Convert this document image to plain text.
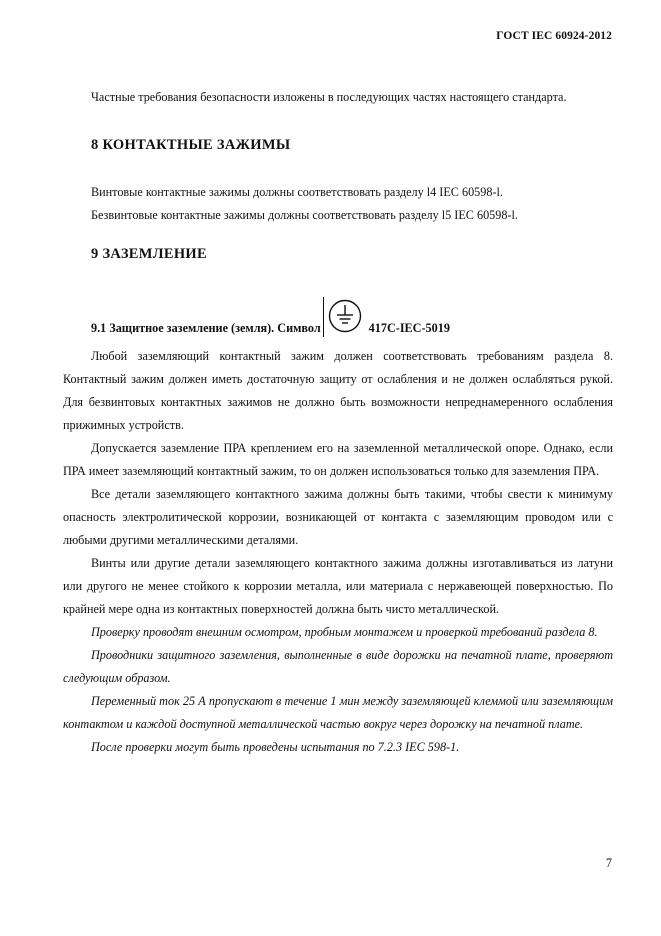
ГОСТ IEC 60924-2012

Частные требования безопасности изложены в последующих частях настоящего стандарта.

8 КОНТАКТНЫЕ ЗАЖИМЫ

Винтовые контактные зажимы должны соответствовать разделу l4 IEC 60598-l.

Безвинтовые контактные зажимы должны соответствовать разделу l5 IEC 60598-l.

9 ЗАЗЕМЛЕНИЕ
9.1 Защитное заземление (земля). Символ	417C-IEC-5019

Любой заземляющий контактный зажим должен соответствовать требованиям раздела 8. Контактный зажим должен иметь достаточную защиту от ослабления и не должен ослабляться рукой. Для безвинтовых контактных зажимов не должно быть возможности непреднамеренного ослабления прижимных устройств.

Допускается заземление ПРА креплением его на заземленной металлической опоре. Однако, если ПРА имеет заземляющий контактный зажим, то он должен использоваться только для заземления ПРА.

Все детали заземляющего контактного зажима должны быть такими, чтобы свести к минимуму опасность электролитической коррозии, возникающей от контакта с заземляющим проводом или с любыми другими металлическими деталями.

Винты или другие детали заземляющего контактного зажима должны изготавливаться из латуни или другого не менее стойкого к коррозии металла, или материала с нержавеющей поверхностью. По крайней мере одна из контактных поверхностей должна быть чисто металлической.

Проверку проводят внешним осмотром, пробным монтажем и проверкой требований раздела 8.

Проводники защитного заземления, выполненные в виде дорожки на печатной плате, проверяют следующим образом.

Переменный ток 25 А пропускают в течение 1 мин между заземляющей клеммой или заземляющим контактом и каждой доступной металлической частью вокруг через дорожку на печатной плате.

После проверки могут быть проведены испытания по 7.2.3 IEC 598-1.

7
